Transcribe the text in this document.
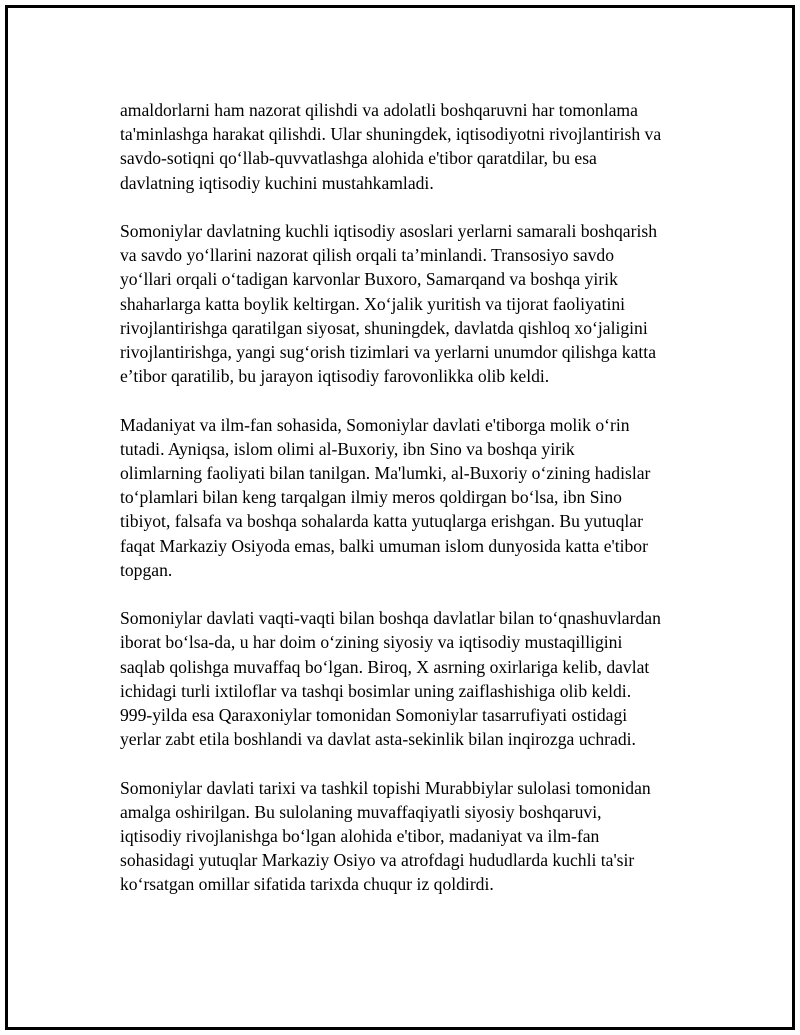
amaldorlarni ham nazorat qilishdi va adolatli boshqaruvni har tomonlama
ta'minlashga harakat qilishdi. Ular shuningdek, iqtisodiyotni rivojlantirish va
savdo-sotiqni qo‘llab-quvvatlashga alohida e'tibor qaratdilar, bu esa
davlatning iqtisodiy kuchini mustahkamladi.

Somoniylar davlatning kuchli iqtisodiy asoslari yerlarni samarali boshqarish
va savdo yo‘llarini nazorat qilish orqali ta’minlandi. Transosiyo savdo
yo‘llari orqali o‘tadigan karvonlar Buxoro, Samarqand va boshqa yirik
shaharlarga katta boylik keltirgan. Xo‘jalik yuritish va tijorat faoliyatini
rivojlantirishga qaratilgan siyosat, shuningdek, davlatda qishloq xo‘jaligini
rivojlantirishga, yangi sug‘orish tizimlari va yerlarni unumdor qilishga katta
e’tibor qaratilib, bu jarayon iqtisodiy farovonlikka olib keldi.

Madaniyat va ilm-fan sohasida, Somoniylar davlati e'tiborga molik o‘rin
tutadi. Ayniqsa, islom olimi al-Buxoriy, ibn Sino va boshqa yirik
olimlarning faoliyati bilan tanilgan. Ma'lumki, al-Buxoriy o‘zining hadislar
to‘plamlari bilan keng tarqalgan ilmiy meros qoldirgan bo‘lsa, ibn Sino
tibiyot, falsafa va boshqa sohalarda katta yutuqlarga erishgan. Bu yutuqlar
faqat Markaziy Osiyoda emas, balki umuman islom dunyosida katta e'tibor
topgan.

Somoniylar davlati vaqti-vaqti bilan boshqa davlatlar bilan to‘qnashuvlardan
iborat bo‘lsa-da, u har doim o‘zining siyosiy va iqtisodiy mustaqilligini
saqlab qolishga muvaffaq bo‘lgan. Biroq, X asrning oxirlariga kelib, davlat
ichidagi turli ixtiloflar va tashqi bosimlar uning zaiflashishiga olib keldi.
999-yilda esa Qaraxoniylar tomonidan Somoniylar tasarrufiyati ostidagi
yerlar zabt etila boshlandi va davlat asta-sekinlik bilan inqirozga uchradi.

Somoniylar davlati tarixi va tashkil topishi Murabbiylar sulolasi tomonidan
amalga oshirilgan. Bu sulolaning muvaffaqiyatli siyosiy boshqaruvi,
iqtisodiy rivojlanishga bo‘lgan alohida e'tibor, madaniyat va ilm-fan
sohasidagi yutuqlar Markaziy Osiyo va atrofdagi hududlarda kuchli ta'sir
ko‘rsatgan omillar sifatida tarixda chuqur iz qoldirdi.
